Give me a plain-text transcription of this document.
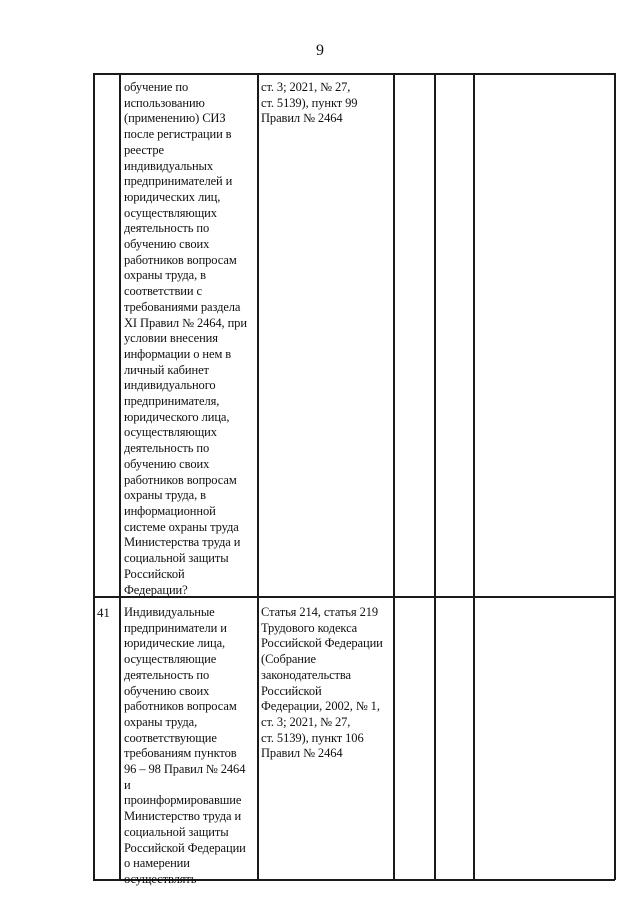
9
обучение по
использованию
(применению) СИЗ
после регистрации в
реестре
индивидуальных
предпринимателей и
юридических лиц,
осуществляющих
деятельность по
обучению своих
работников вопросам
охраны труда, в
соответствии с
требованиями раздела
XI Правил № 2464, при
условии внесения
информации о нем в
личный кабинет
индивидуального
предпринимателя,
юридического лица,
осуществляющих
деятельность по
обучению своих
работников вопросам
охраны труда, в
информационной
системе охраны труда
Министерства труда и
социальной защиты
Российской
Федерации?
ст. 3; 2021, № 27,
ст. 5139), пункт 99
Правил № 2464
41	Индивидуальные
предприниматели и
юридические лица,
осуществляющие
деятельность по
обучению своих
работников вопросам
охраны труда,
соответствующие
требованиям пунктов
96 – 98 Правил № 2464
и
проинформировавшие
Министерство труда и
социальной защиты
Российской Федерации
о намерении
осуществлять
Статья 214, статья 219
Трудового кодекса
Российской Федерации
(Собрание
законодательства
Российской
Федерации, 2002, № 1,
ст. 3; 2021, № 27,
ст. 5139), пункт 106
Правил № 2464
